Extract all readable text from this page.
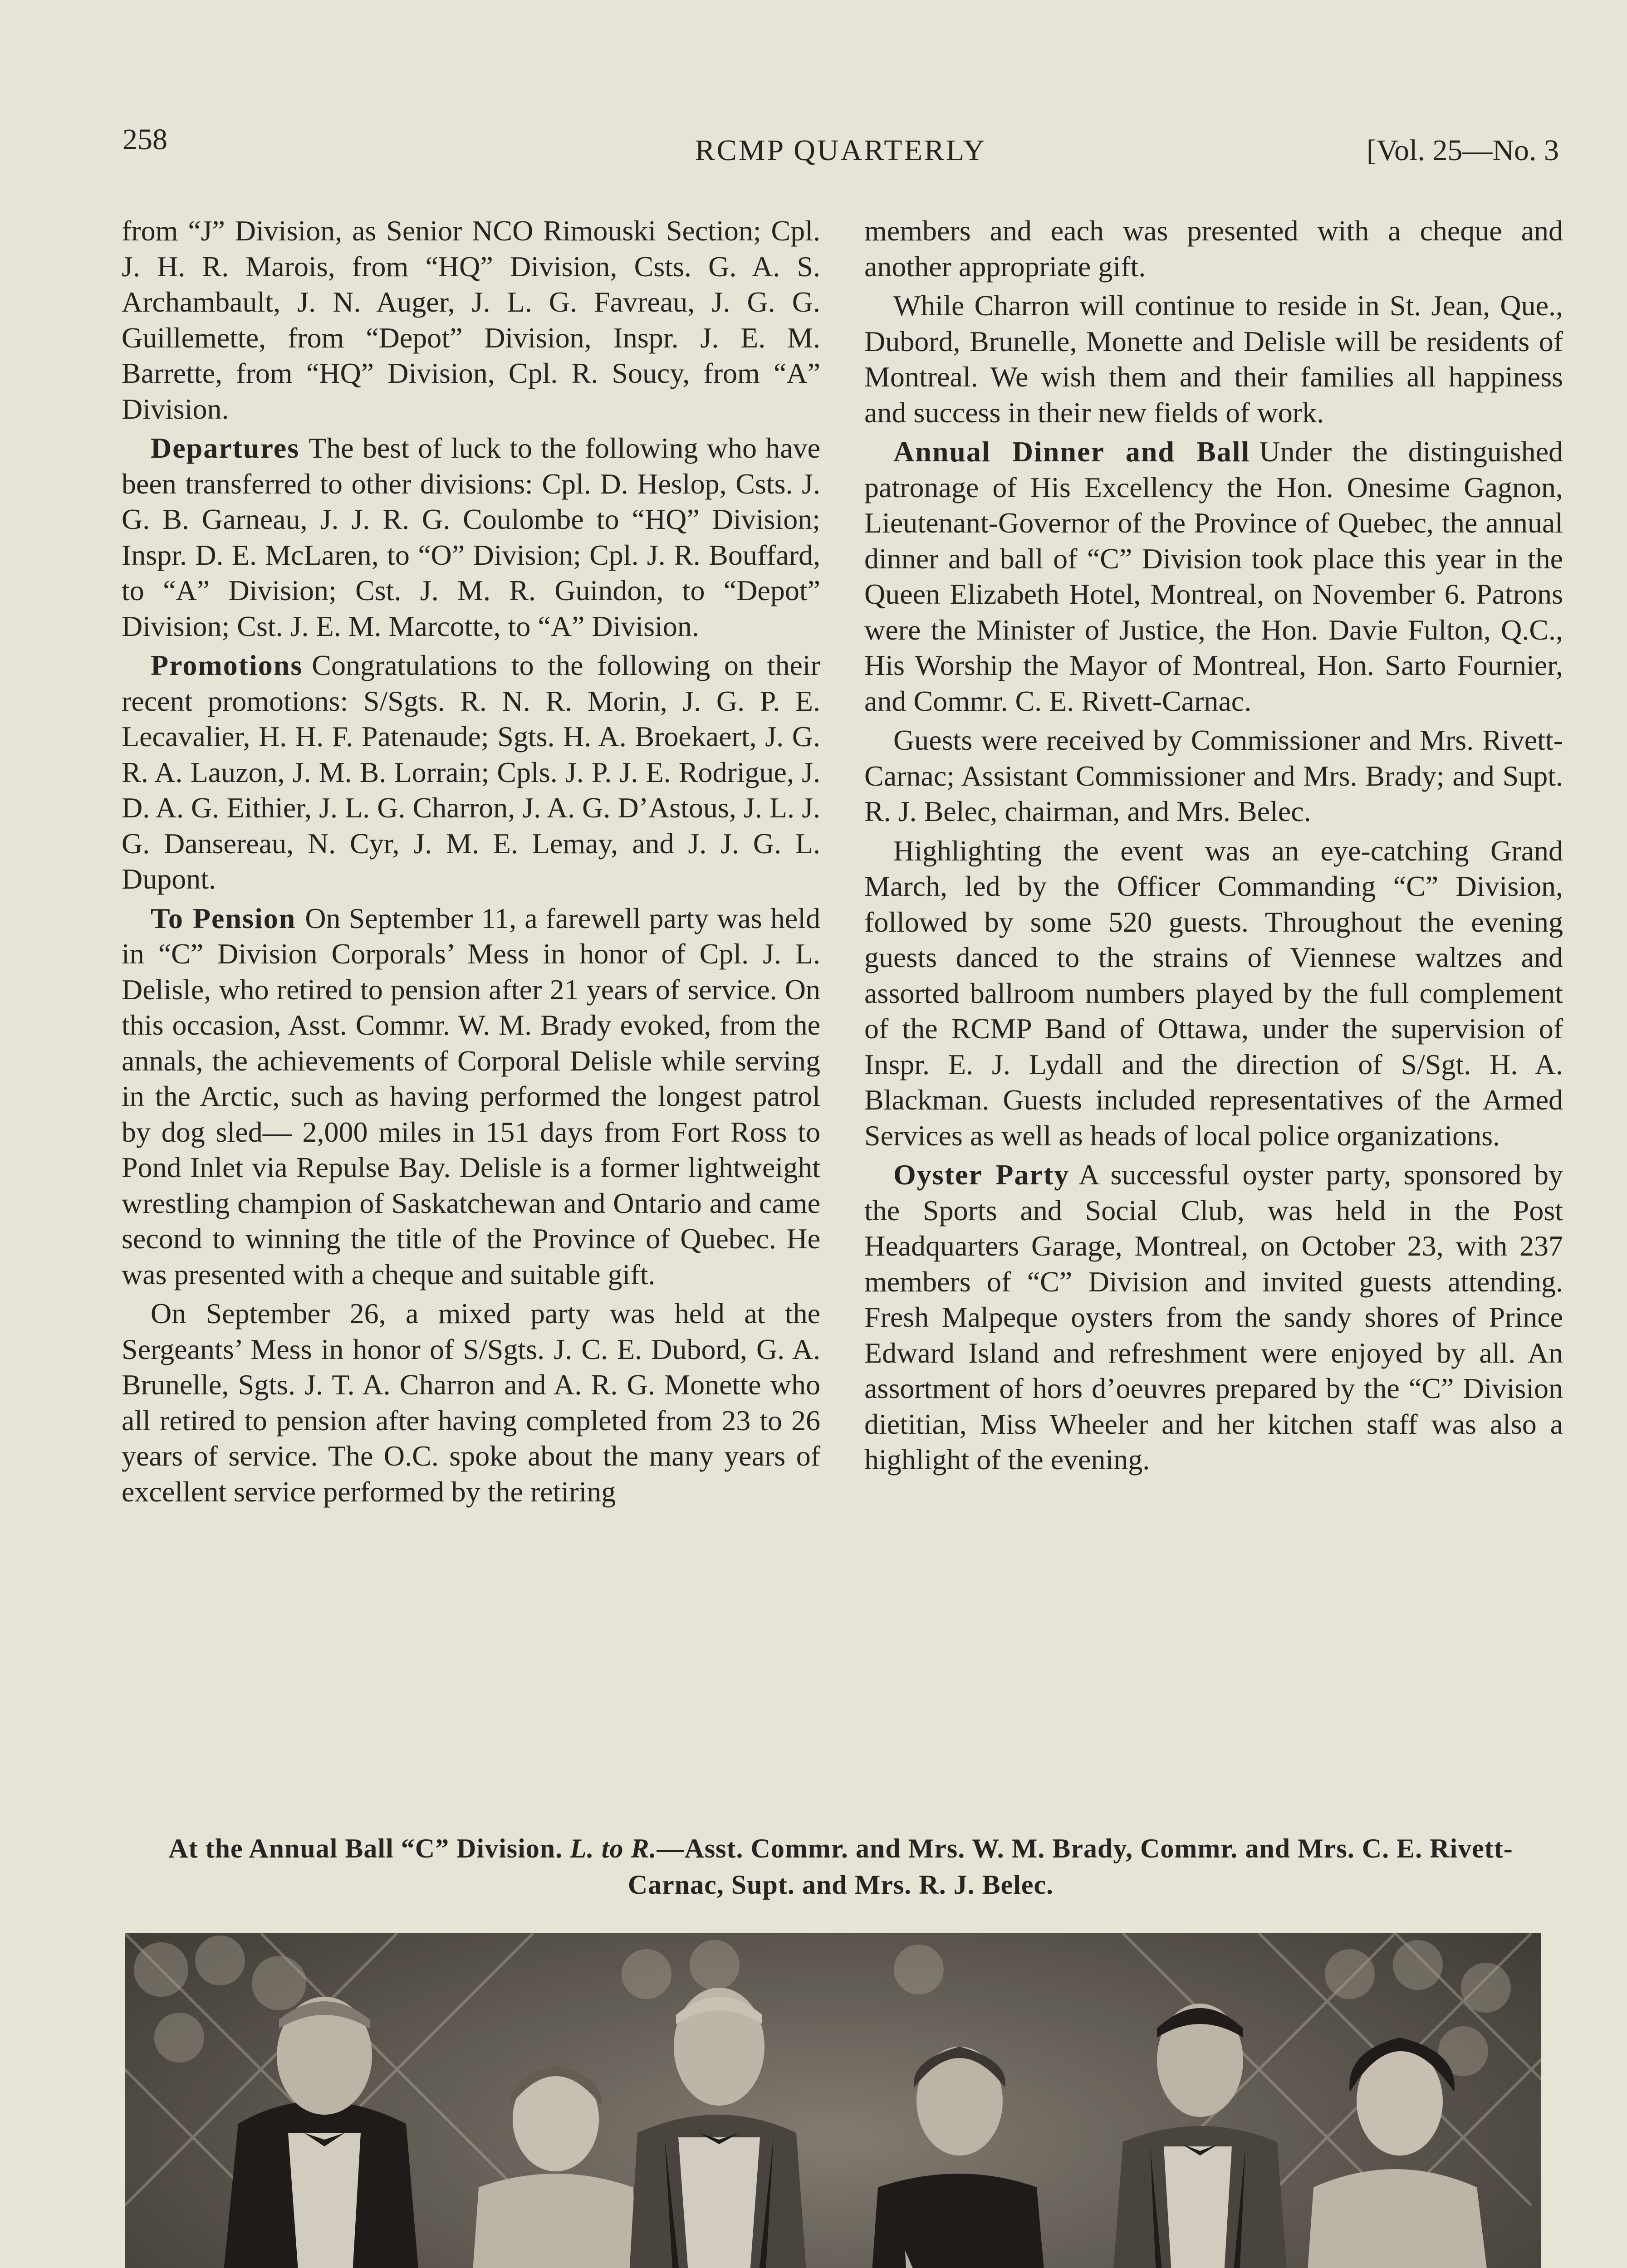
258	RCMP QUARTERLY	[Vol. 25—No. 3

from “J” Division, as Senior NCO Rimouski Section; Cpl. J. H. R. Marois, from “HQ” Division, Csts. G. A. S. Archambault, J. N. Auger, J. L. G. Favreau, J. G. G. Guillemette, from “Depot” Division, Inspr. J. E. M. Barrette, from “HQ” Division, Cpl. R. Soucy, from “A” Division.

Departures The best of luck to the following who have been transferred to other divisions: Cpl. D. Heslop, Csts. J. G. B. Garneau, J. J. R. G. Coulombe to “HQ” Division; Inspr. D. E. McLaren, to “O” Division; Cpl. J. R. Bouffard, to “A” Division; Cst. J. M. R. Guindon, to “Depot” Division; Cst. J. E. M. Marcotte, to “A” Division.

Promotions Congratulations to the following on their recent promotions: S/Sgts. R. N. R. Morin, J. G. P. E. Lecavalier, H. H. F. Patenaude; Sgts. H. A. Broekaert, J. G. R. A. Lauzon, J. M. B. Lorrain; Cpls. J. P. J. E. Rodrigue, J. D. A. G. Eithier, J. L. G. Charron, J. A. G. D’Astous, J. L. J. G. Dansereau, N. Cyr, J. M. E. Lemay, and J. J. G. L. Dupont.

To Pension On September 11, a farewell party was held in “C” Division Corporals’ Mess in honor of Cpl. J. L. Delisle, who retired to pension after 21 years of service. On this occasion, Asst. Commr. W. M. Brady evoked, from the annals, the achievements of Corporal Delisle while serving in the Arctic, such as having performed the longest patrol by dog sled— 2,000 miles in 151 days from Fort Ross to Pond Inlet via Repulse Bay. Delisle is a former lightweight wrestling champion of Saskatchewan and Ontario and came second to winning the title of the Province of Quebec. He was presented with a cheque and suitable gift.

On September 26, a mixed party was held at the Sergeants’ Mess in honor of S/Sgts. J. C. E. Dubord, G. A. Brunelle, Sgts. J. T. A. Charron and A. R. G. Monette who all retired to pension after having completed from 23 to 26 years of service. The O.C. spoke about the many years of excellent service performed by the retiring

members and each was presented with a cheque and another appropriate gift.

While Charron will continue to reside in St. Jean, Que., Dubord, Brunelle, Monette and Delisle will be residents of Montreal. We wish them and their families all happiness and success in their new fields of work.

Annual Dinner and Ball Under the distinguished patronage of His Excellency the Hon. Onesime Gagnon, Lieutenant-Governor of the Province of Quebec, the annual dinner and ball of “C” Division took place this year in the Queen Elizabeth Hotel, Montreal, on November 6. Patrons were the Minister of Justice, the Hon. Davie Fulton, Q.C., His Worship the Mayor of Montreal, Hon. Sarto Fournier, and Commr. C. E. Rivett-Carnac.

Guests were received by Commissioner and Mrs. Rivett-Carnac; Assistant Commissioner and Mrs. Brady; and Supt. R. J. Belec, chairman, and Mrs. Belec.

Highlighting the event was an eye-catching Grand March, led by the Officer Commanding “C” Division, followed by some 520 guests. Throughout the evening guests danced to the strains of Viennese waltzes and assorted ballroom numbers played by the full complement of the RCMP Band of Ottawa, under the supervision of Inspr. E. J. Lydall and the direction of S/Sgt. H. A. Blackman. Guests included representatives of the Armed Services as well as heads of local police organizations.

Oyster Party A successful oyster party, sponsored by the Sports and Social Club, was held in the Post Headquarters Garage, Montreal, on October 23, with 237 members of “C” Division and invited guests attending. Fresh Malpeque oysters from the sandy shores of Prince Edward Island and refreshment were enjoyed by all. An assortment of hors d’oeuvres prepared by the “C” Division dietitian, Miss Wheeler and her kitchen staff was also a highlight of the evening.

At the Annual Ball “C” Division. L. to R.—Asst. Commr. and Mrs. W. M. Brady, Commr. and Mrs. C. E. Rivett-Carnac, Supt. and Mrs. R. J. Belec.
